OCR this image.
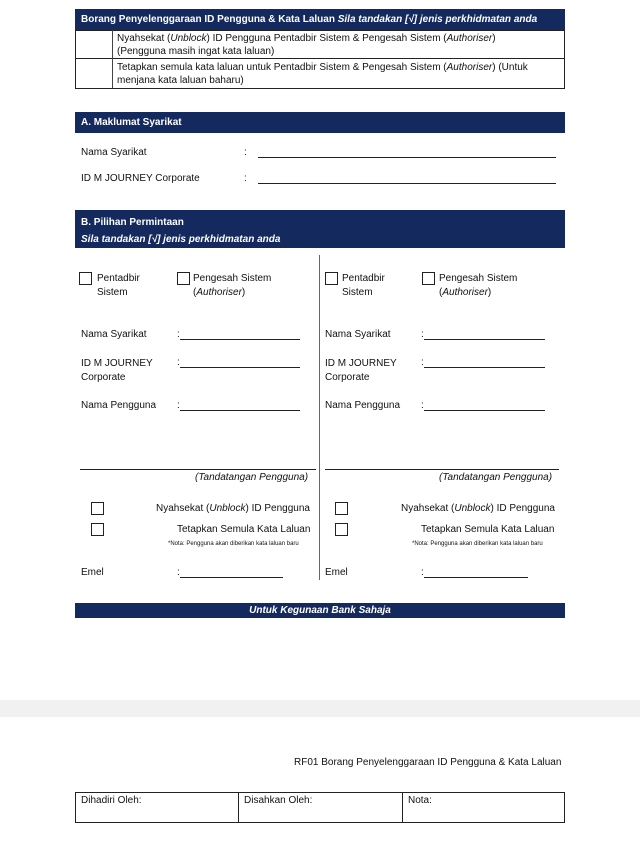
Borang Penyelenggaraan ID Pengguna & Kata Laluan Sila tandakan [√] jenis perkhidmatan anda
Nyahsekat (Unblock) ID Pengguna Pentadbir Sistem & Pengesah Sistem (Authoriser)
(Pengguna masih ingat kata laluan)
Tetapkan semula kata laluan untuk Pentadbir Sistem & Pengesah Sistem (Authoriser) (Untuk
menjana kata laluan baharu)
A. Maklumat Syarikat
Nama Syarikat	:
ID M JOURNEY Corporate	:
B. Pilihan Permintaan
Sila tandakan [√] jenis perkhidmatan anda
Pentadbir
Sistem
Pengesah Sistem
(Authoriser)
Nama Syarikat	:
ID M JOURNEY
Corporate
:
Nama Pengguna :
(Tandatangan Pengguna)
Nyahsekat (Unblock) ID Pengguna
Tetapkan Semula Kata Laluan
*Nota: Pengguna akan diberikan kata laluan baru
Emel	:
Pentadbir
Sistem
Pengesah Sistem
(Authoriser)
Nama Syarikat	:
ID M JOURNEY
Corporate
:
Nama Pengguna :
(Tandatangan Pengguna)
Nyahsekat (Unblock) ID Pengguna
Tetapkan Semula Kata Laluan
*Nota: Pengguna akan diberikan kata laluan baru
Emel	:
Untuk Kegunaan Bank Sahaja
RF01 Borang Penyelenggaraan ID Pengguna & Kata Laluan
Dihadiri Oleh:	Disahkan Oleh:	Nota:
